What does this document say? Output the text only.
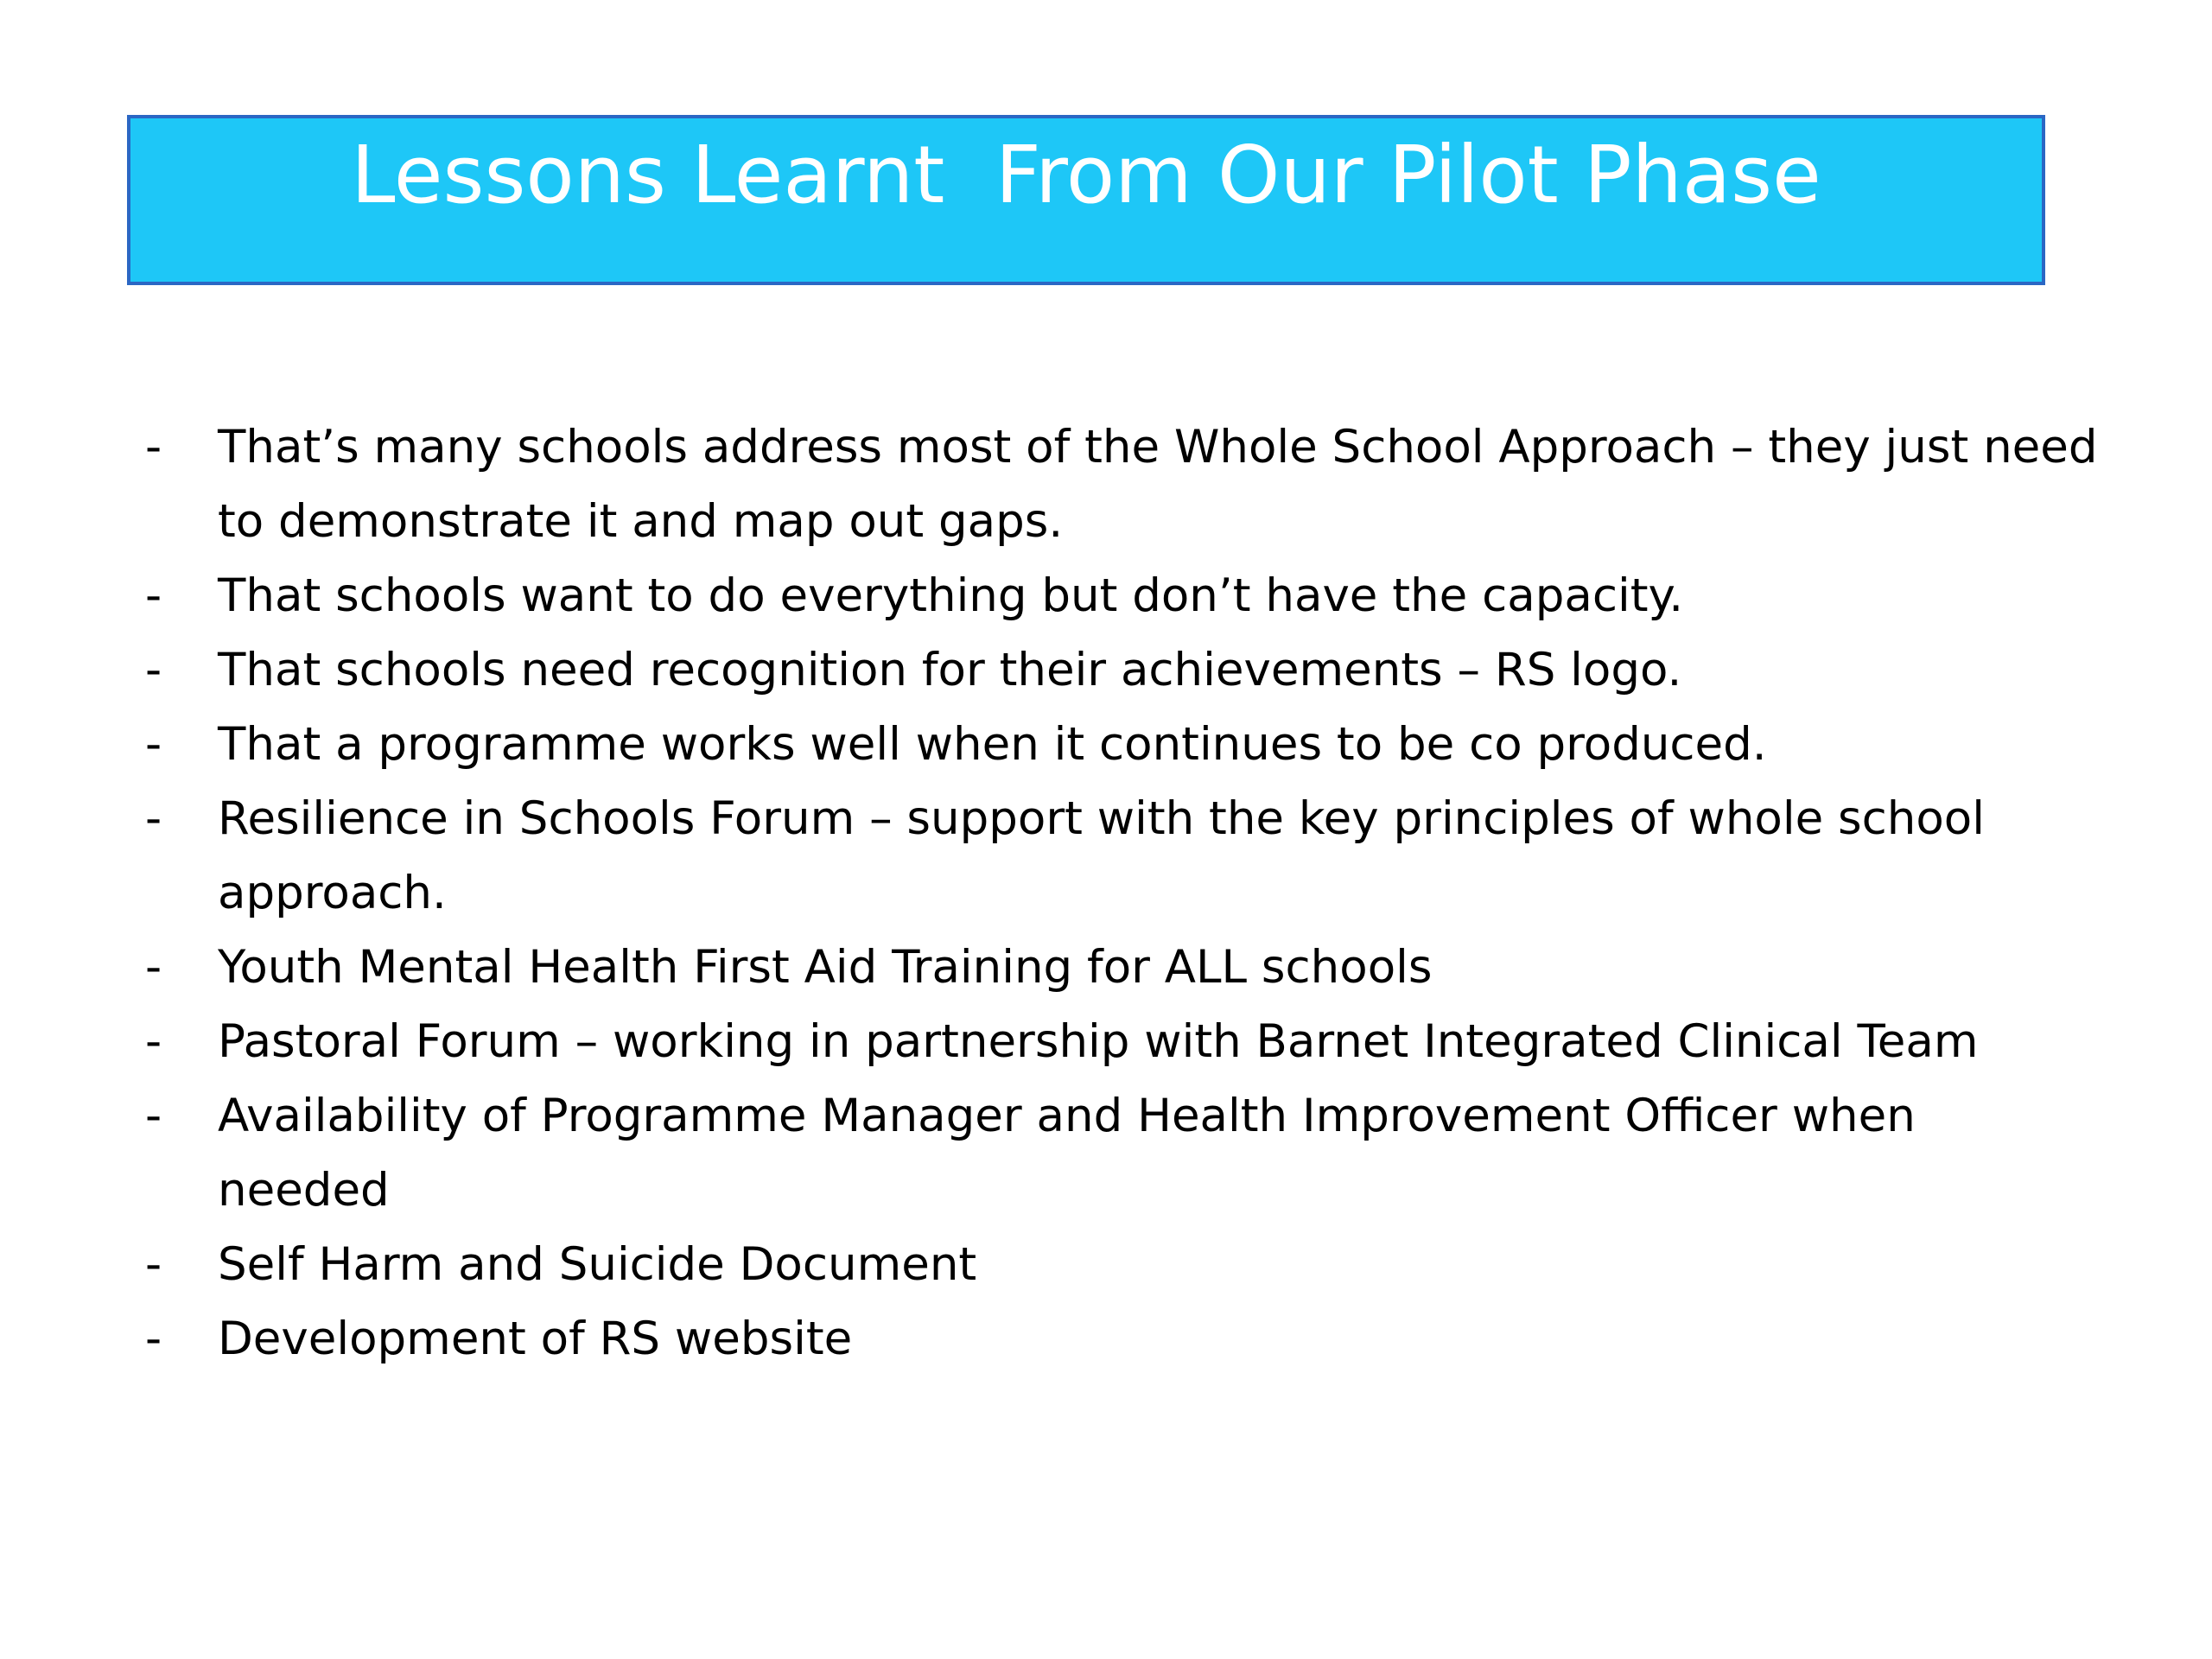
Lessons Learnt  From Our Pilot Phase
-	That’s many schools address most of the Whole School Approach – they just need to demonstrate it and map out gaps.
-	That schools want to do everything but don’t have the capacity.
-	That schools need recognition for their achievements – RS logo.
-	That a programme works well when it continues to be co produced.
-	Resilience in Schools Forum – support with the key principles of whole school approach.
-	Youth Mental Health First Aid Training for ALL schools
-	Pastoral Forum – working in partnership with Barnet Integrated Clinical Team
-	Availability of Programme Manager and Health Improvement Officer when needed
-	Self Harm and Suicide Document
-	Development of RS website
